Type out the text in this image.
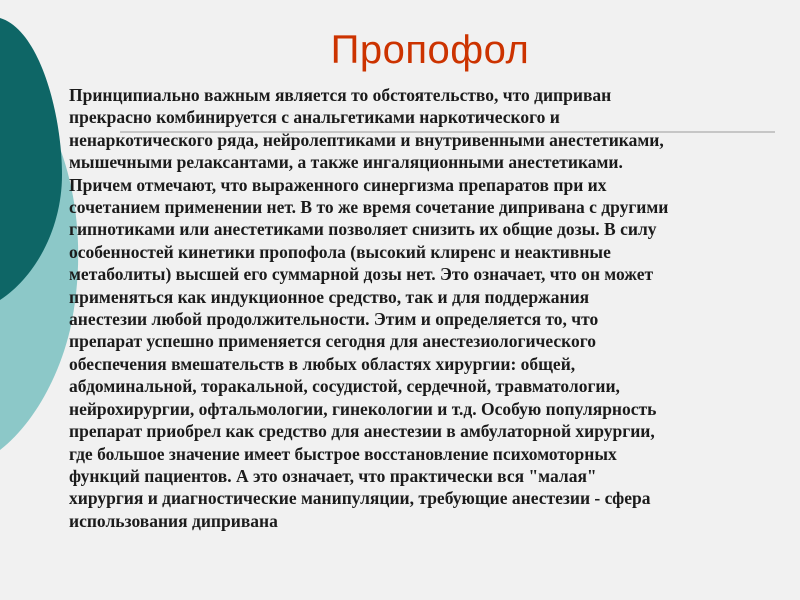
Пропофол
Принципиально важным является то обстоятельство, что диприван
прекрасно комбинируется с анальгетиками наркотического и
ненаркотического ряда, нейролептиками и внутривенными анестетиками,
мышечными релаксантами, а также ингаляционными анестетиками.
Причем отмечают, что выраженного синергизма препаратов при их
сочетанием применении нет. В то же время сочетание диприванa с другими
гипнотиками или анестетиками позволяет снизить их общие дозы. В силу
особенностей кинетики пропофола (высокий клиренс и неактивные
метаболиты) высшей его суммарной дозы нет. Это означает, что он может
применяться как индукционное средство, так и для поддержания
анестезии любой продолжительности. Этим и определяется то, что
препарат успешно применяется сегодня для анестезиологического
обеспечения вмешательств в любых областях хирургии: общей,
абдоминальной, торакальной, сосудистой, сердечной, травматологии,
нейрохирургии, офтальмологии, гинекологии и т.д. Особую популярность
препарат приобрел как средство для анестезии в амбулаторной хирургии,
где большое значение имеет быстрое восстановление психомоторных
функций пациентов. А это означает, что практически вся "малая"
хирургия и диагностические манипуляции, требующие анестезии - сфера
использования дипривана
